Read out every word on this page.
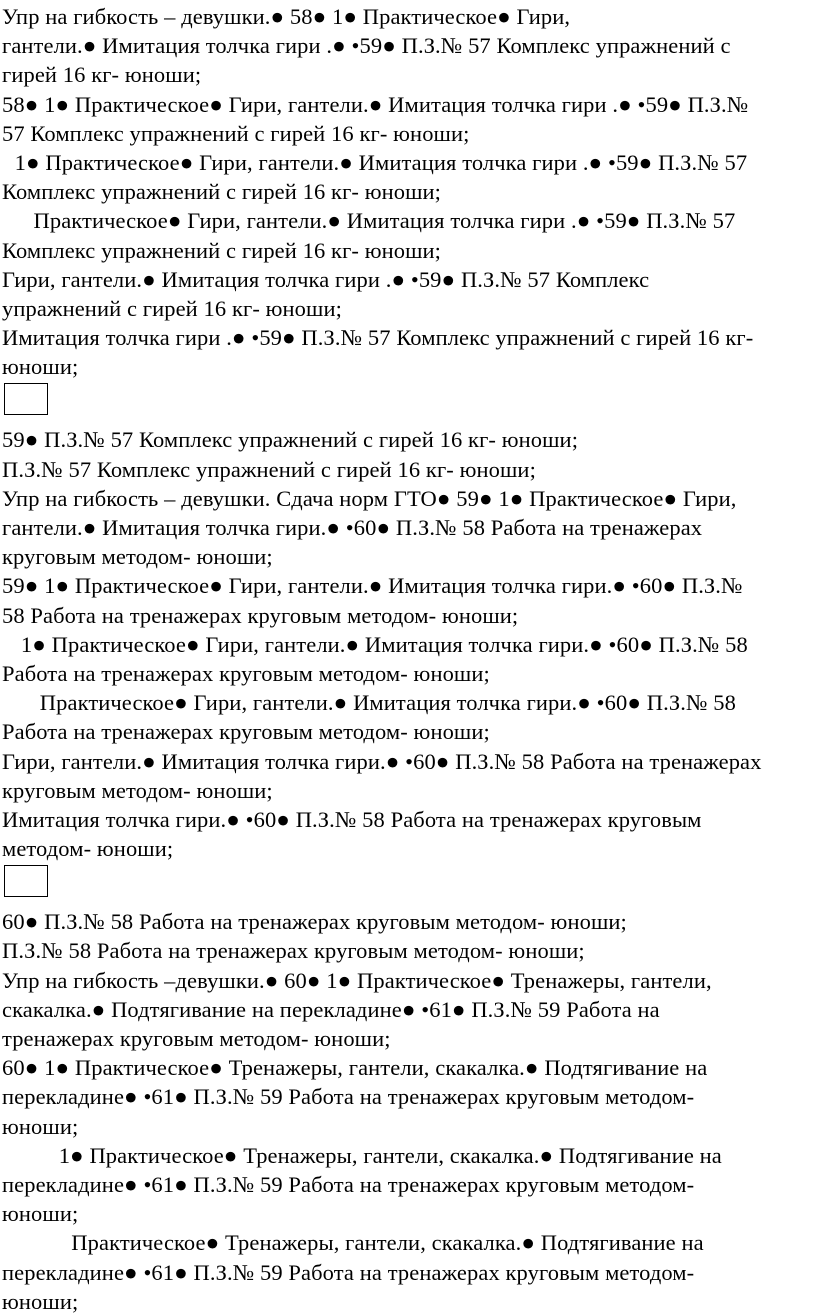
Упр на гибкость – девушки.● 58● 1● Практическое● Гири,
гантели.● Имитация толчка гири .● •59● П.З.№ 57 Комплекс упражнений с
гирей 16 кг- юноши;
58● 1● Практическое● Гири, гантели.● Имитация толчка гири .● •59● П.З.№
57 Комплекс упражнений с гирей 16 кг- юноши;
1● Практическое● Гири, гантели.● Имитация толчка гири .● •59● П.З.№ 57
Комплекс упражнений с гирей 16 кг- юноши;
Практическое● Гири, гантели.● Имитация толчка гири .● •59● П.З.№ 57
Комплекс упражнений с гирей 16 кг- юноши;
Гири, гантели.● Имитация толчка гири .● •59● П.З.№ 57 Комплекс
упражнений с гирей 16 кг- юноши;
Имитация толчка гири .● •59● П.З.№ 57 Комплекс упражнений с гирей 16 кг-
юноши;
59● П.З.№ 57 Комплекс упражнений с гирей 16 кг- юноши;
П.З.№ 57 Комплекс упражнений с гирей 16 кг- юноши;
Упр на гибкость – девушки. Сдача норм ГТО● 59● 1● Практическое● Гири,
гантели.● Имитация толчка гири.● •60● П.З.№ 58 Работа на тренажерах
круговым методом- юноши;
59● 1● Практическое● Гири, гантели.● Имитация толчка гири.● •60● П.З.№
58 Работа на тренажерах круговым методом- юноши;
1● Практическое● Гири, гантели.● Имитация толчка гири.● •60● П.З.№ 58
Работа на тренажерах круговым методом- юноши;
Практическое● Гири, гантели.● Имитация толчка гири.● •60● П.З.№ 58
Работа на тренажерах круговым методом- юноши;
Гири, гантели.● Имитация толчка гири.● •60● П.З.№ 58 Работа на тренажерах
круговым методом- юноши;
Имитация толчка гири.● •60● П.З.№ 58 Работа на тренажерах круговым
методом- юноши;
60● П.З.№ 58 Работа на тренажерах круговым методом- юноши;
П.З.№ 58 Работа на тренажерах круговым методом- юноши;
Упр на гибкость –девушки.● 60● 1● Практическое● Тренажеры, гантели,
скакалка.● Подтягивание на перекладине● •61● П.З.№ 59 Работа на
тренажерах круговым методом- юноши;
60● 1● Практическое● Тренажеры, гантели, скакалка.● Подтягивание на
перекладине● •61● П.З.№ 59 Работа на тренажерах круговым методом-
юноши;
1● Практическое● Тренажеры, гантели, скакалка.● Подтягивание на
перекладине● •61● П.З.№ 59 Работа на тренажерах круговым методом-
юноши;
Практическое● Тренажеры, гантели, скакалка.● Подтягивание на
перекладине● •61● П.З.№ 59 Работа на тренажерах круговым методом-
юноши;
